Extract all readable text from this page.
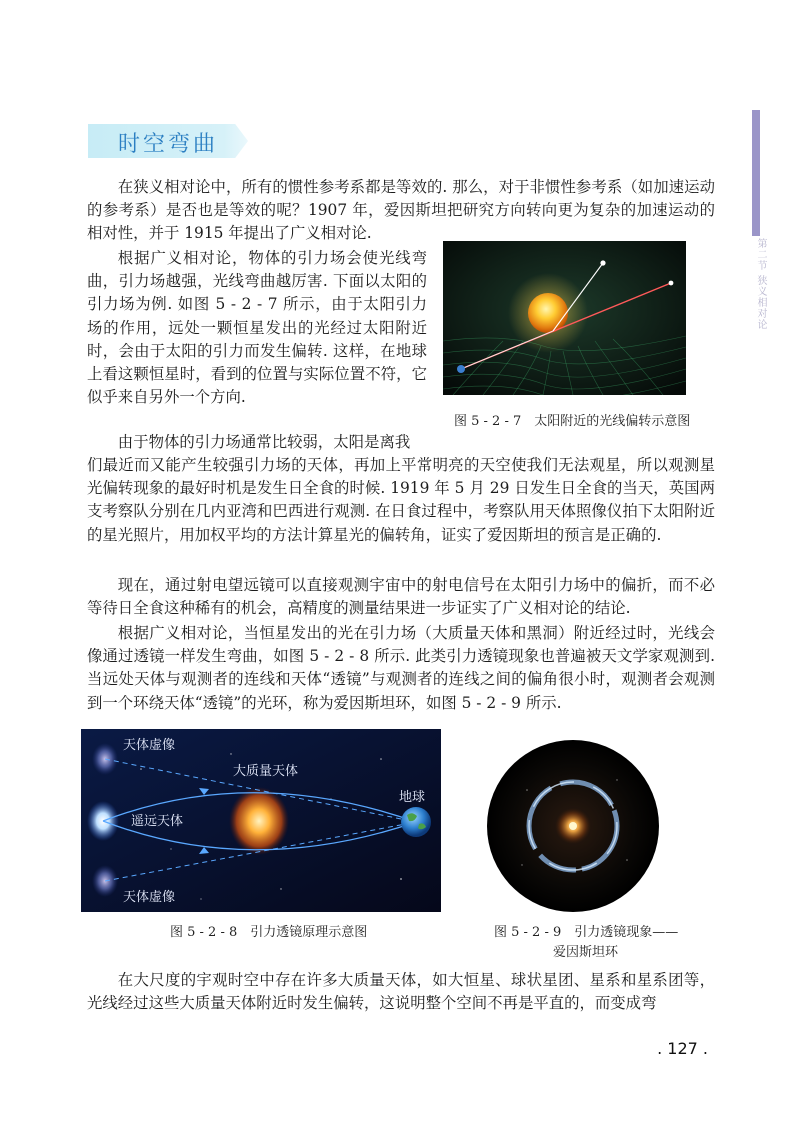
第二节 狭义相对论
时空弯曲
在狭义相对论中，所有的惯性参考系都是等效的. 那么，对于非惯性参考系（如加速运动的参考系）是否也是等效的呢？1907 年，爱因斯坦把研究方向转向更为复杂的加速运动的相对性，并于 1915 年提出了广义相对论.
根据广义相对论，物体的引力场会使光线弯曲，引力场越强，光线弯曲越厉害. 下面以太阳的引力场为例. 如图 5 - 2 - 7 所示，由于太阳引力场的作用，远处一颗恒星发出的光经过太阳附近时，会由于太阳的引力而发生偏转. 这样，在地球上看这颗恒星时，看到的位置与实际位置不符，它似乎来自另外一个方向.
由于物体的引力场通常比较弱，太阳是离我
们最近而又能产生较强引力场的天体，再加上平常明亮的天空使我们无法观星，所以观测星光偏转现象的最好时机是发生日全食的时候. 1919 年 5 月 29 日发生日全食的当天，英国两支考察队分别在几内亚湾和巴西进行观测. 在日食过程中，考察队用天体照像仪拍下太阳附近的星光照片，用加权平均的方法计算星光的偏转角，证实了爱因斯坦的预言是正确的.
现在，通过射电望远镜可以直接观测宇宙中的射电信号在太阳引力场中的偏折，而不必等待日全食这种稀有的机会，高精度的测量结果进一步证实了广义相对论的结论.
根据广义相对论，当恒星发出的光在引力场（大质量天体和黑洞）附近经过时，光线会像通过透镜一样发生弯曲，如图 5 - 2 - 8 所示. 此类引力透镜现象也普遍被天文学家观测到. 当远处天体与观测者的连线和天体“透镜”与观测者的连线之间的偏角很小时，观测者会观测到一个环绕天体“透镜”的光环，称为爱因斯坦环，如图 5 - 2 - 9 所示.
在大尺度的宇观时空中存在许多大质量天体，如大恒星、球状星团、星系和星系团等，光线经过这些大质量天体附近时发生偏转，这说明整个空间不再是平直的，而变成弯
图 5 - 2 - 7　太阳附近的光线偏转示意图
天体虚像
大质量天体
遥远天体
地球
天体虚像
图 5 - 2 - 8　引力透镜原理示意图	图 5 - 2 - 9　引力透镜现象——
爱因斯坦环
. 127 .
